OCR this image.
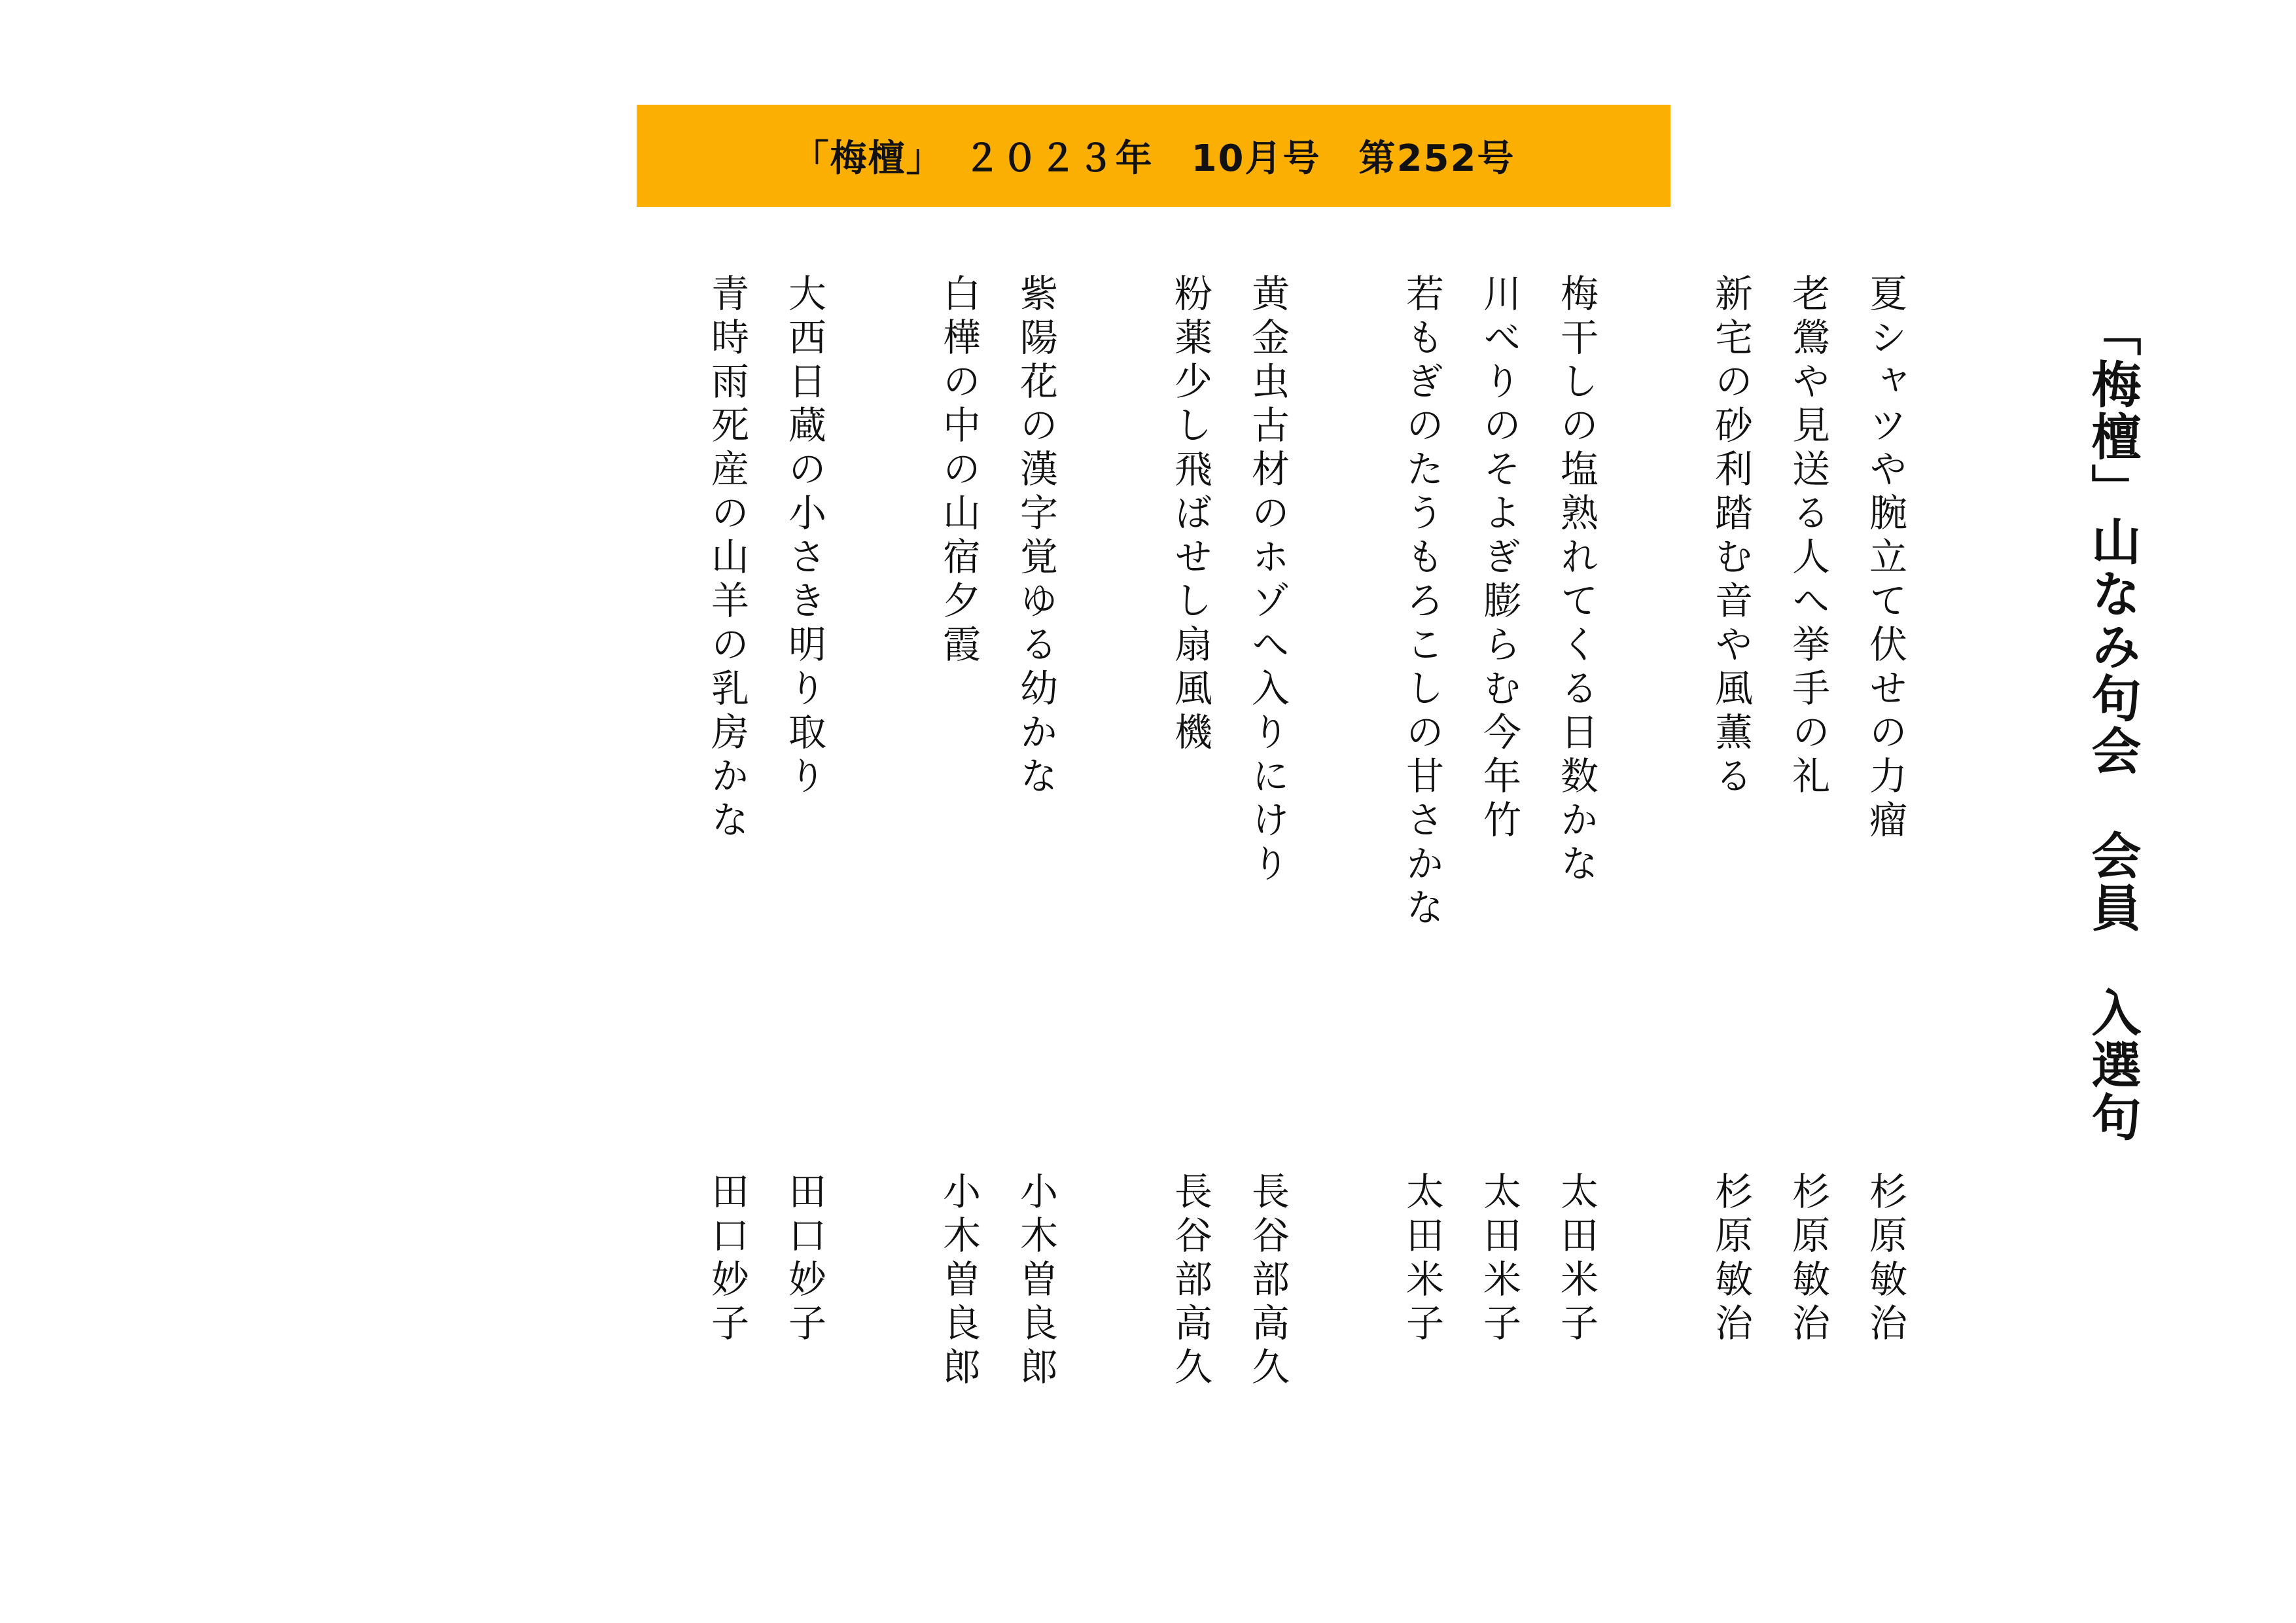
「梅檀」　２０２３年　10月号　第252号
「梅檀」山なみ句会　会員　入選句
夏シャツや腕立て伏せの力瘤
杉原敏治
老鶯や見送る人へ挙手の礼
杉原敏治
新宅の砂利踏む音や風薫る
杉原敏治
梅干しの塩熟れてくる日数かな
太田米子
川べりのそよぎ膨らむ今年竹
太田米子
若もぎのたうもろこしの甘さかな
太田米子
黄金虫古材のホゾへ入りにけり
長谷部高久
粉薬少し飛ばせし扇風機
長谷部高久
紫陽花の漢字覚ゆる幼かな
小木曽良郎
白樺の中の山宿夕霞
小木曽良郎
大西日蔵の小さき明り取り
田口妙子
青時雨死産の山羊の乳房かな
田口妙子
